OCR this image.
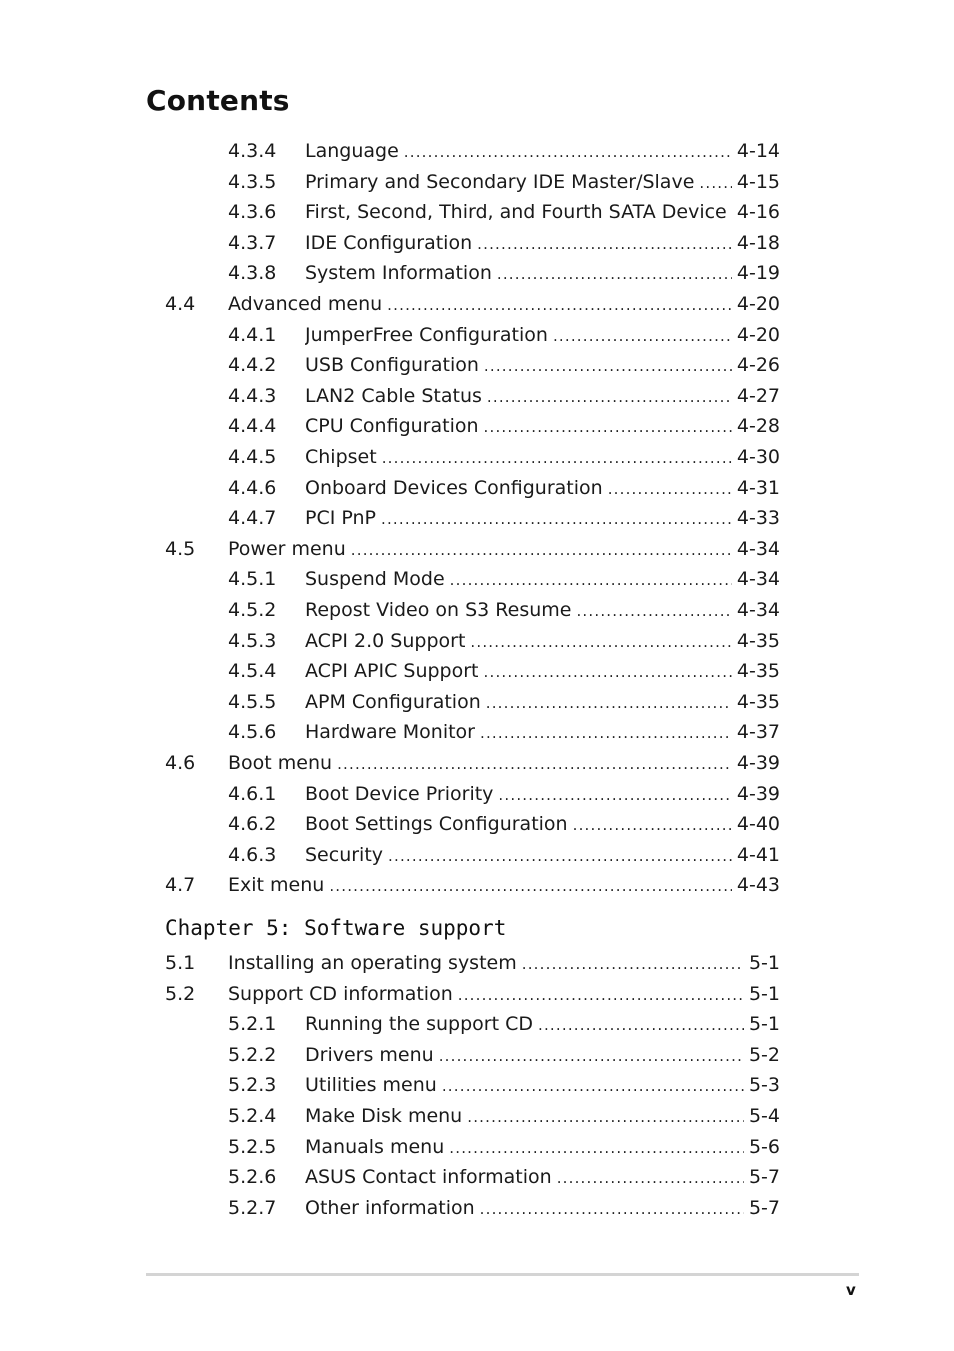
Contents
4.3.4 Language .....	4-14
4.3.5 Primary and Secondary IDE Master/Slave ..... 4-15
4.3.6 First, Second, Third, and Fourth SATA Device ..... 4-16
4.3.7 IDE Configuration .....	4-18
4.3.8 System Information .....	4-19
4.4 Advanced menu .....	4-20
4.4.1 JumperFree Configuration .....	4-20
4.4.2 USB Configuration .....	4-26
4.4.3 LAN2 Cable Status .....	4-27
4.4.4 CPU Configuration .....	4-28
4.4.5 Chipset .....	4-30
4.4.6 Onboard Devices Configuration .....	4-31
4.4.7 PCI PnP .....	4-33
4.5 Power menu .....	4-34
4.5.1 Suspend Mode .....	4-34
4.5.2 Repost Video on S3 Resume .....	4-34
4.5.3 ACPI 2.0 Support .....	4-35
4.5.4 ACPI APIC Support .....	4-35
4.5.5 APM Configuration .....	4-35
4.5.6 Hardware Monitor .....	4-37
4.6 Boot menu .....	4-39
4.6.1 Boot Device Priority .....	4-39
4.6.2 Boot Settings Configuration .....	4-40
4.6.3 Security .....	4-41
4.7 Exit menu .....	4-43
Chapter 5: Software support
5.1 Installing an operating system .....	5-1
5.2 Support CD information .....	5-1
5.2.1 Running the support CD .....	5-1
5.2.2 Drivers menu .....	5-2
5.2.3 Utilities menu .....	5-3
5.2.4 Make Disk menu .....	5-4
5.2.5 Manuals menu .....	5-6
5.2.6 ASUS Contact information .....	5-7
5.2.7 Other information .....	5-7
v
